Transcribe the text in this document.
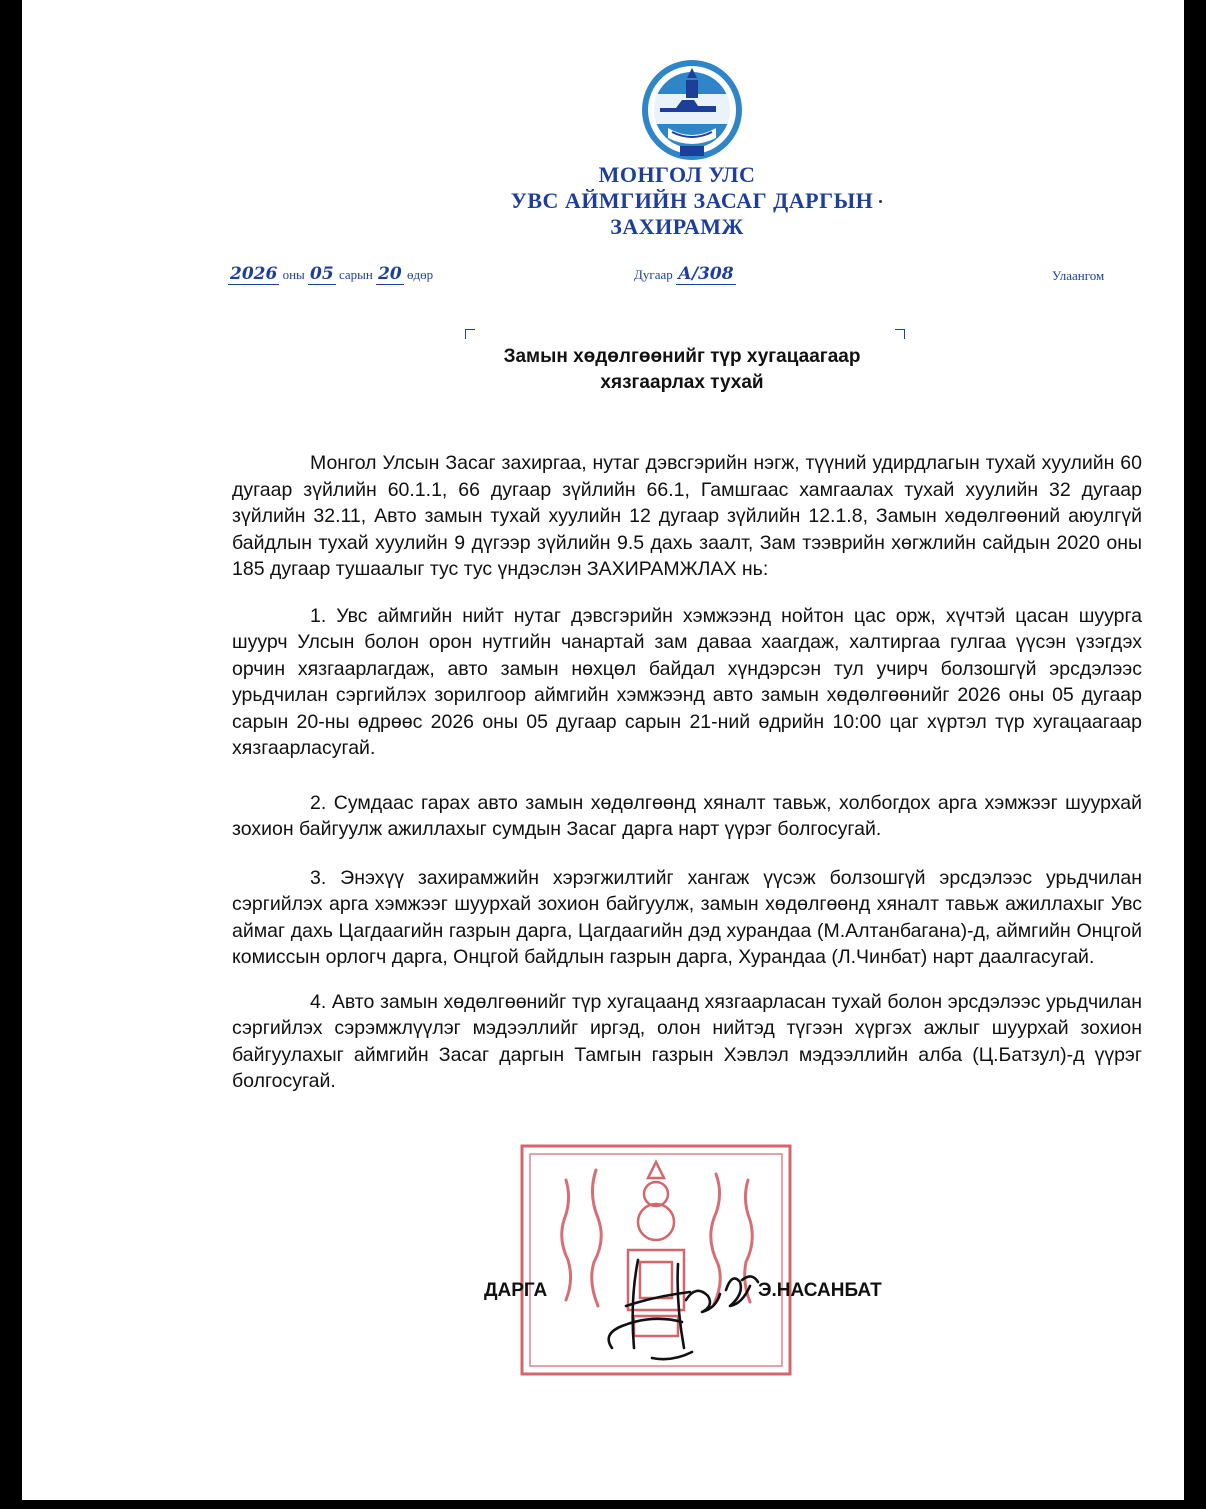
МОНГОЛ УЛС
УВС АЙМГИЙН ЗАСАГ ДАРГЫН
ЗАХИРАМЖ
2026 оны 05 сарын 20 өдөр	Дугаар А/308	Улаангом
Замын хөдөлгөөнийг түр хугацаагаар
хязгаарлах тухай

Монгол Улсын Засаг захиргаа, нутаг дэвсгэрийн нэгж, түүний удирдлагын тухай хуулийн 60 дугаар зүйлийн 60.1.1, 66 дугаар зүйлийн 66.1, Гамшгаас хамгаалах тухай хуулийн 32 дугаар зүйлийн 32.11, Авто замын тухай хуулийн 12 дугаар зүйлийн 12.1.8, Замын хөдөлгөөний аюулгүй байдлын тухай хуулийн 9 дүгээр зүйлийн 9.5 дахь заалт, Зам тээврийн хөгжлийн сайдын 2020 оны 185 дугаар тушаалыг тус тус үндэслэн ЗАХИРАМЖЛАХ нь:

1. Увс аймгийн нийт нутаг дэвсгэрийн хэмжээнд нойтон цас орж, хүчтэй цасан шуурга шуурч Улсын болон орон нутгийн чанартай зам даваа хаагдаж, халтиргаа гулгаа үүсэн үзэгдэх орчин хязгаарлагдаж, авто замын нөхцөл байдал хүндэрсэн тул учирч болзошгүй эрсдэлээс урьдчилан сэргийлэх зорилгоор аймгийн хэмжээнд авто замын хөдөлгөөнийг 2026 оны 05 дугаар сарын 20-ны өдрөөс 2026 оны 05 дугаар сарын 21-ний өдрийн 10:00 цаг хүртэл түр хугацаагаар хязгаарласугай.

2. Сумдаас гарах авто замын хөдөлгөөнд хяналт тавьж, холбогдох арга хэмжээг шуурхай зохион байгуулж ажиллахыг сумдын Засаг дарга нарт үүрэг болгосугай.

3. Энэхүү захирамжийн хэрэгжилтийг хангаж үүсэж болзошгүй эрсдэлээс урьдчилан сэргийлэх арга хэмжээг шуурхай зохион байгуулж, замын хөдөлгөөнд хяналт тавьж ажиллахыг Увс аймаг дахь Цагдаагийн газрын дарга, Цагдаагийн дэд хурандаа (М.Алтанбагана)-д, аймгийн Онцгой комиссын орлогч дарга, Онцгой байдлын газрын дарга, Хурандаа (Л.Чинбат) нарт даалгасугай.

4. Авто замын хөдөлгөөнийг түр хугацаанд хязгаарласан тухай болон эрсдэлээс урьдчилан сэргийлэх сэрэмжлүүлэг мэдээллийг иргэд, олон нийтэд түгээн хүргэх ажлыг шуурхай зохион байгуулахыг аймгийн Засаг даргын Тамгын газрын Хэвлэл мэдээллийн алба (Ц.Батзул)-д үүрэг болгосугай.

ДАРГА	Э.НАСАНБАТ
